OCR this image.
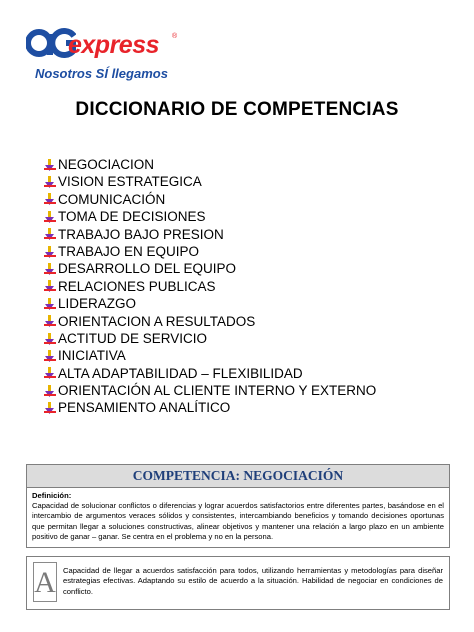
express ®
Nosotros SÍ llegamos
DICCIONARIO DE COMPETENCIAS
NEGOCIACION
VISION ESTRATEGICA
COMUNICACIÓN
TOMA DE DECISIONES
TRABAJO BAJO PRESION
TRABAJO EN EQUIPO
DESARROLLO DEL EQUIPO
RELACIONES PUBLICAS
LIDERAZGO
ORIENTACION A RESULTADOS
ACTITUD DE SERVICIO
INICIATIVA
ALTA ADAPTABILIDAD – FLEXIBILIDAD
ORIENTACIÓN AL CLIENTE INTERNO Y EXTERNO
PENSAMIENTO ANALÍTICO
COMPETENCIA: NEGOCIACIÓN
Definición:
Capacidad de solucionar conflictos o diferencias y lograr acuerdos satisfactorios entre diferentes partes, basándose en el intercambio de argumentos veraces sólidos y consistentes, intercambiando beneficios y tomando decisiones oportunas que permitan llegar a soluciones constructivas, alinear objetivos y mantener una relación a largo plazo en un ambiente positivo de ganar – ganar. Se centra en el problema y no en la persona.
A Capacidad de llegar a acuerdos satisfacción para todos, utilizando herramientas y metodologías para diseñar estrategias efectivas. Adaptando su estilo de acuerdo a la situación. Habilidad de negociar en condiciones de conflicto.
